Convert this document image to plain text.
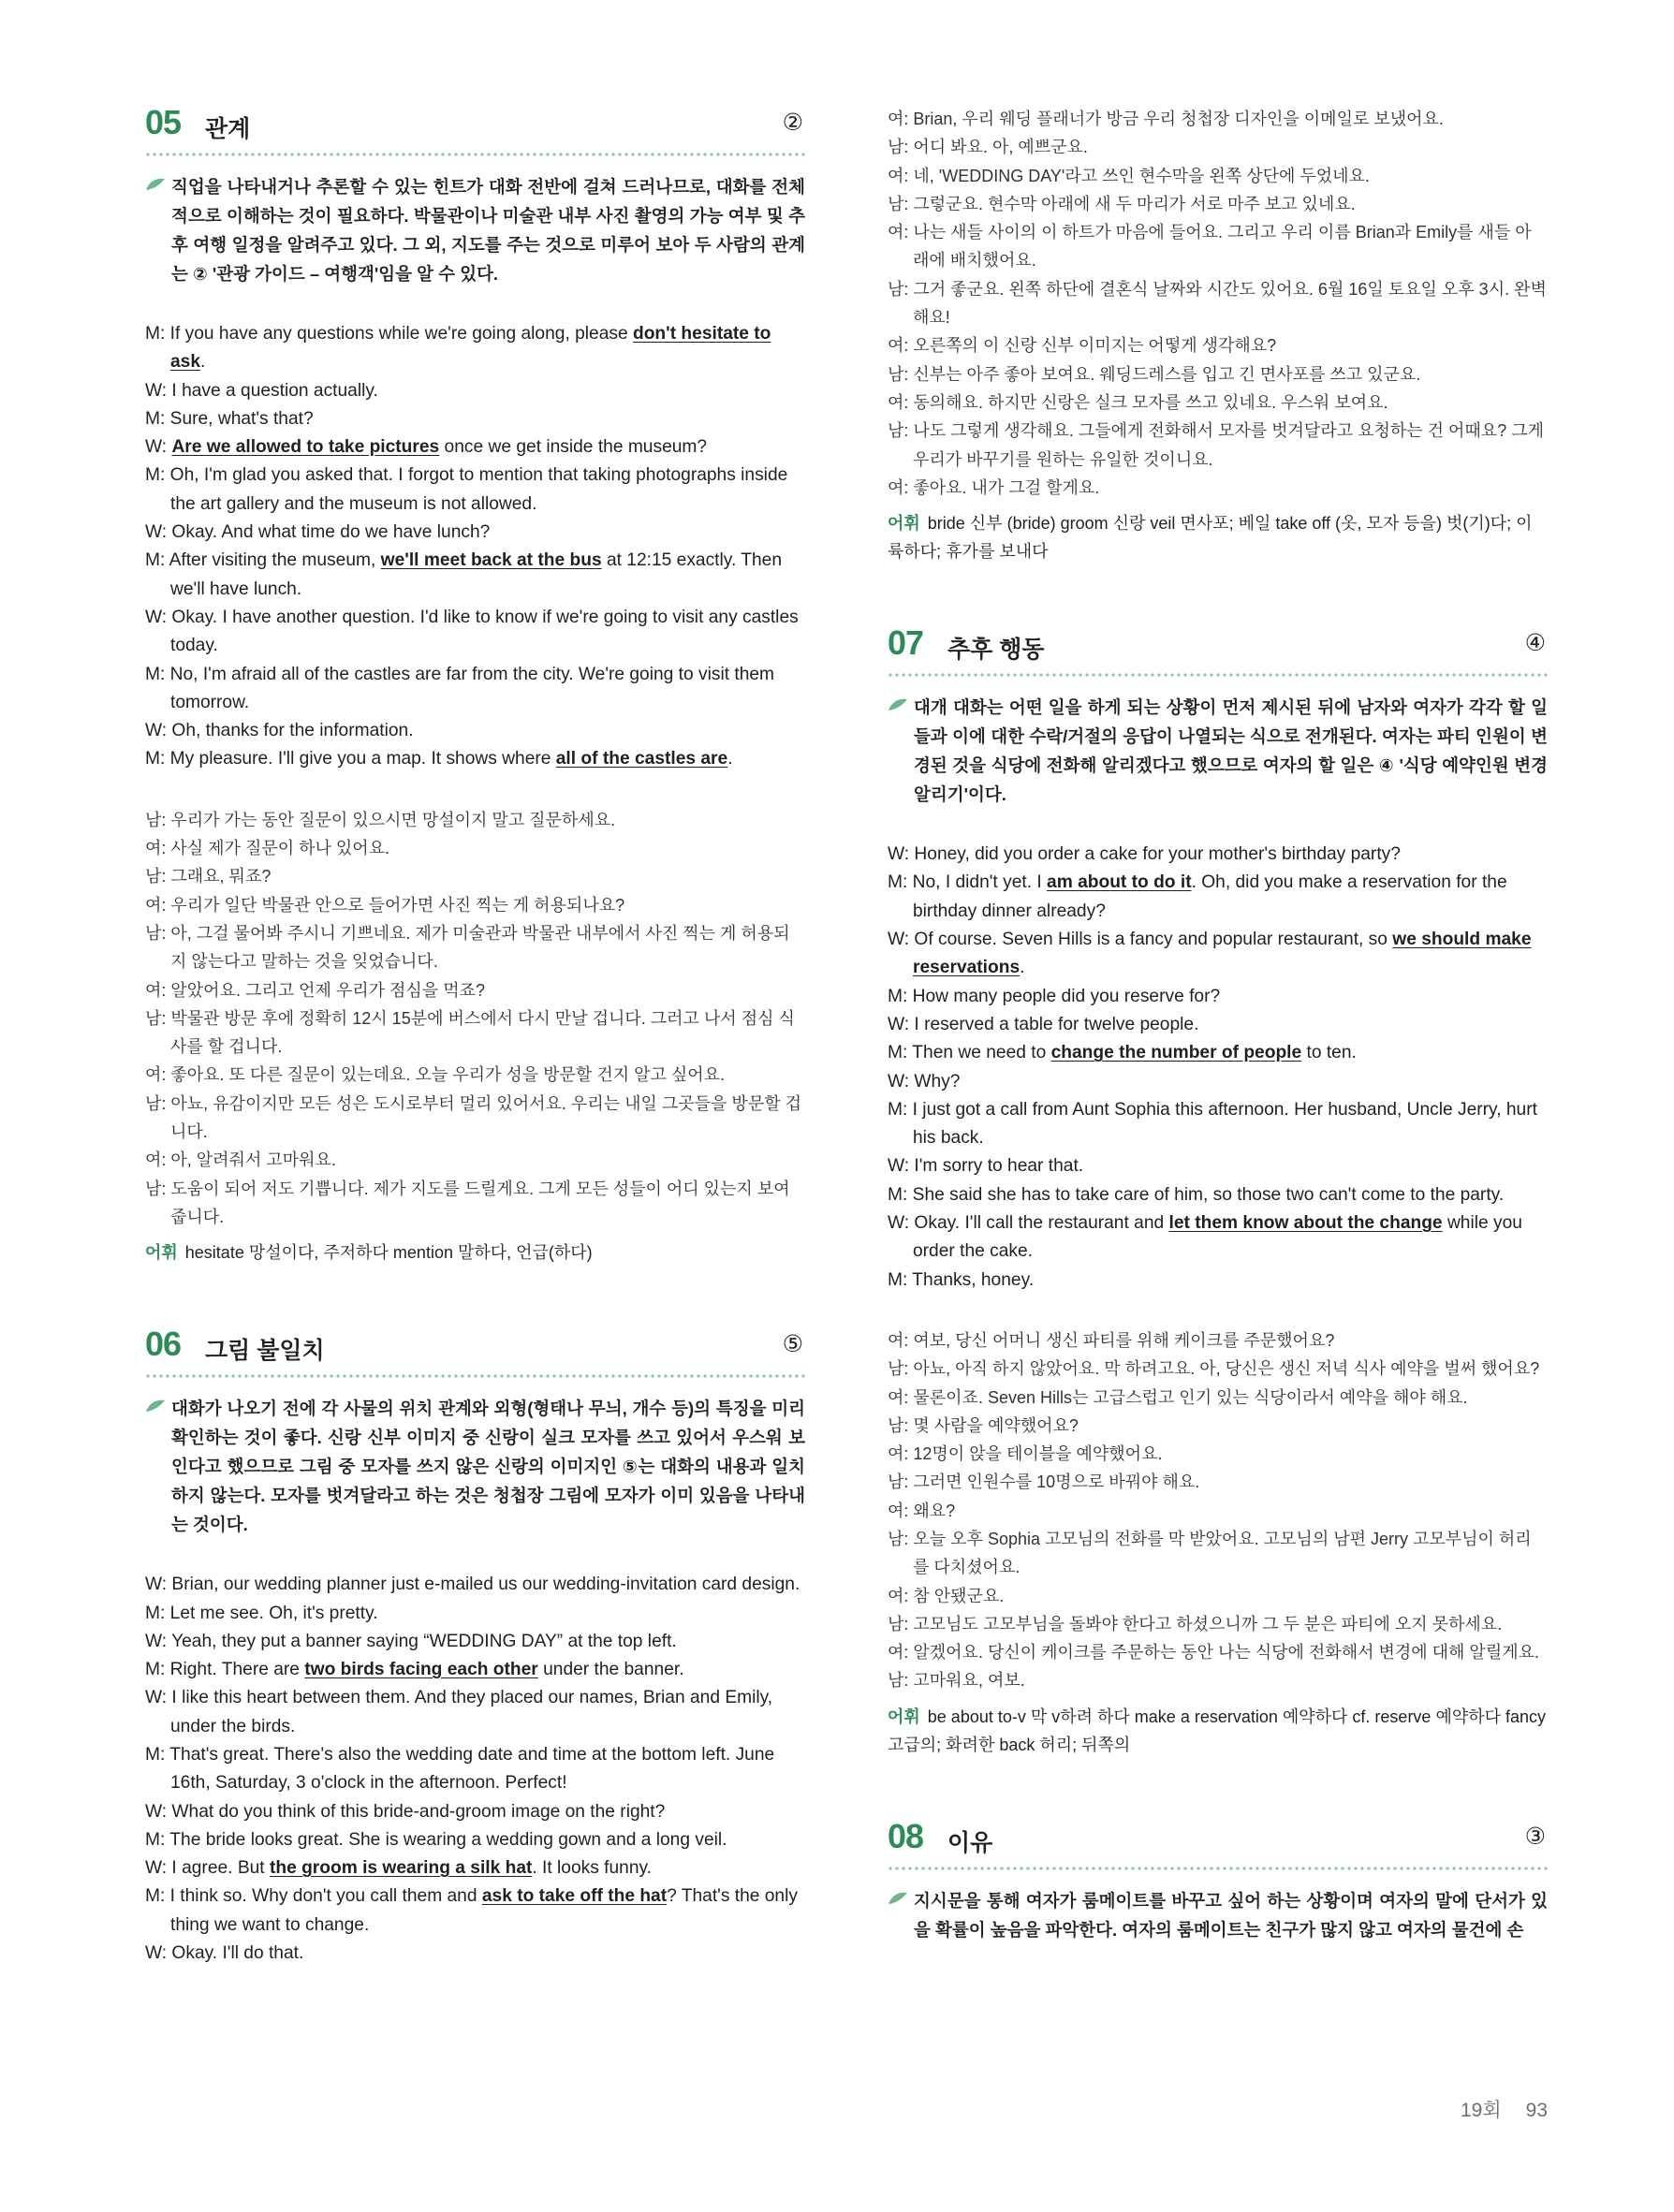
05 관계	②
직업을 나타내거나 추론할 수 있는 힌트가 대화 전반에 걸쳐 드러나므로, 대화를 전체적으로 이해하는 것이 필요하다. 박물관이나 미술관 내부 사진 촬영의 가능 여부 및 추후 여행 일정을 알려주고 있다. 그 외, 지도를 주는 것으로 미루어 보아 두 사람의 관계는 ② '관광 가이드 – 여행객'임을 알 수 있다.
M: If you have any questions while we're going along, please don't hesitate to ask.
W: I have a question actually.
M: Sure, what's that?
W: Are we allowed to take pictures once we get inside the museum?
M: Oh, I'm glad you asked that. I forgot to mention that taking photographs inside the art gallery and the museum is not allowed.
W: Okay. And what time do we have lunch?
M: After visiting the museum, we'll meet back at the bus at 12:15 exactly. Then we'll have lunch.
W: Okay. I have another question. I'd like to know if we're going to visit any castles today.
M: No, I'm afraid all of the castles are far from the city. We're going to visit them tomorrow.
W: Oh, thanks for the information.
M: My pleasure. I'll give you a map. It shows where all of the castles are.
남: 우리가 가는 동안 질문이 있으시면 망설이지 말고 질문하세요.
여: 사실 제가 질문이 하나 있어요.
남: 그래요, 뭐죠?
여: 우리가 일단 박물관 안으로 들어가면 사진 찍는 게 허용되나요?
남: 아, 그걸 물어봐 주시니 기쁘네요. 제가 미술관과 박물관 내부에서 사진 찍는 게 허용되지 않는다고 말하는 것을 잊었습니다.
여: 알았어요. 그리고 언제 우리가 점심을 먹죠?
남: 박물관 방문 후에 정확히 12시 15분에 버스에서 다시 만날 겁니다. 그러고 나서 점심 식사를 할 겁니다.
여: 좋아요. 또 다른 질문이 있는데요. 오늘 우리가 성을 방문할 건지 알고 싶어요.
남: 아뇨, 유감이지만 모든 성은 도시로부터 멀리 있어서요. 우리는 내일 그곳들을 방문할 겁니다.
여: 아, 알려줘서 고마워요.
남: 도움이 되어 저도 기쁩니다. 제가 지도를 드릴게요. 그게 모든 성들이 어디 있는지 보여줍니다.
어휘 hesitate 망설이다, 주저하다 mention 말하다, 언급(하다)
06 그림 불일치	⑤
대화가 나오기 전에 각 사물의 위치 관계와 외형(형태나 무늬, 개수 등)의 특징을 미리 확인하는 것이 좋다. 신랑 신부 이미지 중 신랑이 실크 모자를 쓰고 있어서 우스워 보인다고 했으므로 그림 중 모자를 쓰지 않은 신랑의 이미지인 ⑤는 대화의 내용과 일치하지 않는다. 모자를 벗겨달라고 하는 것은 청첩장 그림에 모자가 이미 있음을 나타내는 것이다.
W: Brian, our wedding planner just e-mailed us our wedding-invitation card design.
M: Let me see. Oh, it's pretty.
W: Yeah, they put a banner saying “WEDDING DAY” at the top left.
M: Right. There are two birds facing each other under the banner.
W: I like this heart between them. And they placed our names, Brian and Emily, under the birds.
M: That's great. There's also the wedding date and time at the bottom left. June 16th, Saturday, 3 o'clock in the afternoon. Perfect!
W: What do you think of this bride-and-groom image on the right?
M: The bride looks great. She is wearing a wedding gown and a long veil.
W: I agree. But the groom is wearing a silk hat. It looks funny.
M: I think so. Why don't you call them and ask to take off the hat? That's the only thing we want to change.
W: Okay. I'll do that.
여: Brian, 우리 웨딩 플래너가 방금 우리 청첩장 디자인을 이메일로 보냈어요.
남: 어디 봐요. 아, 예쁘군요.
여: 네, 'WEDDING DAY'라고 쓰인 현수막을 왼쪽 상단에 두었네요.
남: 그렇군요. 현수막 아래에 새 두 마리가 서로 마주 보고 있네요.
여: 나는 새들 사이의 이 하트가 마음에 들어요. 그리고 우리 이름 Brian과 Emily를 새들 아래에 배치했어요.
남: 그거 좋군요. 왼쪽 하단에 결혼식 날짜와 시간도 있어요. 6월 16일 토요일 오후 3시. 완벽해요!
여: 오른쪽의 이 신랑 신부 이미지는 어떻게 생각해요?
남: 신부는 아주 좋아 보여요. 웨딩드레스를 입고 긴 면사포를 쓰고 있군요.
여: 동의해요. 하지만 신랑은 실크 모자를 쓰고 있네요. 우스워 보여요.
남: 나도 그렇게 생각해요. 그들에게 전화해서 모자를 벗겨달라고 요청하는 건 어때요? 그게 우리가 바꾸기를 원하는 유일한 것이니요.
여: 좋아요. 내가 그걸 할게요.
어휘 bride 신부 (bride) groom 신랑 veil 면사포; 베일 take off (옷, 모자 등을) 벗(기)다; 이륙하다; 휴가를 보내다
07 추후 행동	④
대개 대화는 어떤 일을 하게 되는 상황이 먼저 제시된 뒤에 남자와 여자가 각각 할 일들과 이에 대한 수락/거절의 응답이 나열되는 식으로 전개된다. 여자는 파티 인원이 변경된 것을 식당에 전화해 알리겠다고 했으므로 여자의 할 일은 ④ '식당 예약인원 변경 알리기'이다.
W: Honey, did you order a cake for your mother's birthday party?
M: No, I didn't yet. I am about to do it. Oh, did you make a reservation for the birthday dinner already?
W: Of course. Seven Hills is a fancy and popular restaurant, so we should make reservations.
M: How many people did you reserve for?
W: I reserved a table for twelve people.
M: Then we need to change the number of people to ten.
W: Why?
M: I just got a call from Aunt Sophia this afternoon. Her husband, Uncle Jerry, hurt his back.
W: I'm sorry to hear that.
M: She said she has to take care of him, so those two can't come to the party.
W: Okay. I'll call the restaurant and let them know about the change while you order the cake.
M: Thanks, honey.
여: 여보, 당신 어머니 생신 파티를 위해 케이크를 주문했어요?
남: 아뇨, 아직 하지 않았어요. 막 하려고요. 아, 당신은 생신 저녁 식사 예약을 벌써 했어요?
여: 물론이죠. Seven Hills는 고급스럽고 인기 있는 식당이라서 예약을 해야 해요.
남: 몇 사람을 예약했어요?
여: 12명이 앉을 테이블을 예약했어요.
남: 그러면 인원수를 10명으로 바꿔야 해요.
여: 왜요?
남: 오늘 오후 Sophia 고모님의 전화를 막 받았어요. 고모님의 남편 Jerry 고모부님이 허리를 다치셨어요.
여: 참 안됐군요.
남: 고모님도 고모부님을 돌봐야 한다고 하셨으니까 그 두 분은 파티에 오지 못하세요.
여: 알겠어요. 당신이 케이크를 주문하는 동안 나는 식당에 전화해서 변경에 대해 알릴게요.
남: 고마워요, 여보.
어휘 be about to-v 막 v하려 하다 make a reservation 예약하다 cf. reserve 예약하다 fancy 고급의; 화려한 back 허리; 뒤쪽의
08 이유	③
지시문을 통해 여자가 룸메이트를 바꾸고 싶어 하는 상황이며 여자의 말에 단서가 있을 확률이 높음을 파악한다. 여자의 룸메이트는 친구가 많지 않고 여자의 물건에 손
19회 93
